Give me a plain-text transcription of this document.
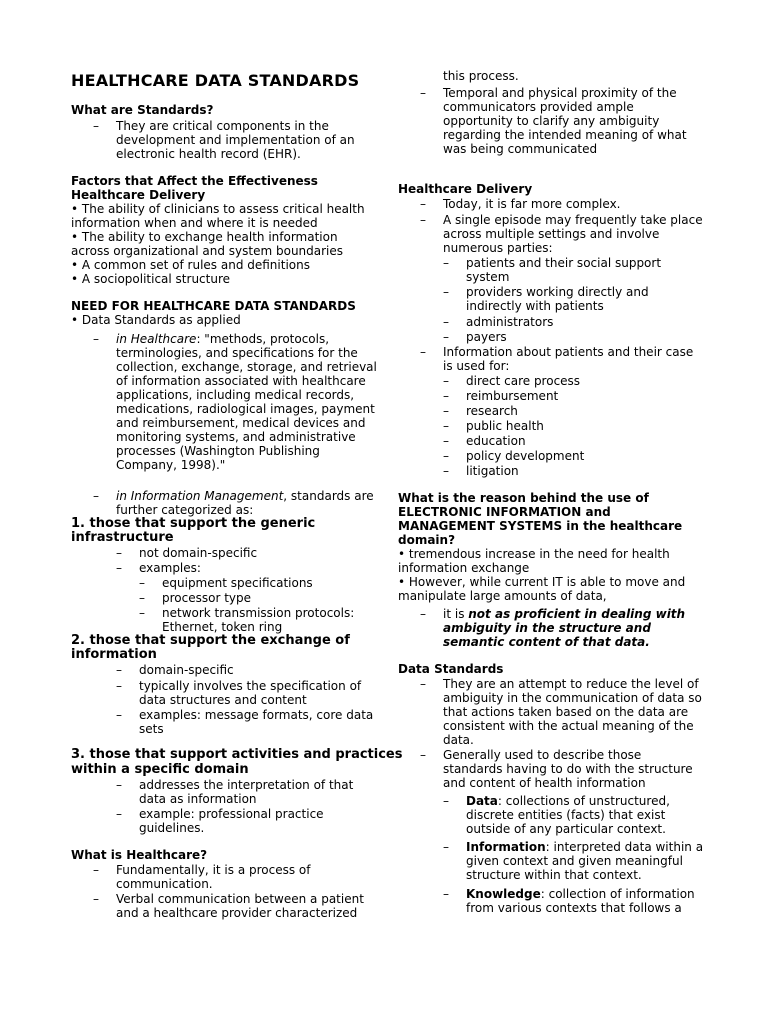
HEALTHCARE DATA STANDARDS
What are Standards?
– They are critical components in the
development and implementation of an
electronic health record (EHR).
Factors that Affect the Effectiveness
Healthcare Delivery
• The ability of clinicians to assess critical health
information when and where it is needed
• The ability to exchange health information
across organizational and system boundaries
• A common set of rules and definitions
• A sociopolitical structure
NEED FOR HEALTHCARE DATA STANDARDS
• Data Standards as applied
– in Healthcare: "methods, protocols,
terminologies, and specifications for the
collection, exchange, storage, and retrieval
of information associated with healthcare
applications, including medical records,
medications, radiological images, payment
and reimbursement, medical devices and
monitoring systems, and administrative
processes (Washington Publishing
Company, 1998)."
– in Information Management, standards are
further categorized as:
1. those that support the generic
infrastructure
– not domain-specific
– examples:
– equipment specifications
– processor type
– network transmission protocols:
Ethernet, token ring
2. those that support the exchange of
information
– domain-specific
– typically involves the specification of
data structures and content
– examples: message formats, core data
sets
3. those that support activities and practices
within a specific domain
– addresses the interpretation of that
data as information
– example: professional practice
guidelines.
What is Healthcare?
– Fundamentally, it is a process of
communication.
– Verbal communication between a patient
and a healthcare provider characterized
this process.
– Temporal and physical proximity of the
communicators provided ample
opportunity to clarify any ambiguity
regarding the intended meaning of what
was being communicated
Healthcare Delivery
– Today, it is far more complex.
– A single episode may frequently take place
across multiple settings and involve
numerous parties:
– patients and their social support
system
– providers working directly and
indirectly with patients
– administrators
– payers
– Information about patients and their case
is used for:
– direct care process
– reimbursement
– research
– public health
– education
– policy development
– litigation
What is the reason behind the use of
ELECTRONIC INFORMATION and
MANAGEMENT SYSTEMS in the healthcare
domain?
• tremendous increase in the need for health
information exchange
• However, while current IT is able to move and
manipulate large amounts of data,
– it is not as proficient in dealing with
ambiguity in the structure and
semantic content of that data.
Data Standards
– They are an attempt to reduce the level of
ambiguity in the communication of data so
that actions taken based on the data are
consistent with the actual meaning of the
data.
– Generally used to describe those
standards having to do with the structure
and content of health information
– Data: collections of unstructured,
discrete entities (facts) that exist
outside of any particular context.
– Information: interpreted data within a
given context and given meaningful
structure within that context.
– Knowledge: collection of information
from various contexts that follows a
